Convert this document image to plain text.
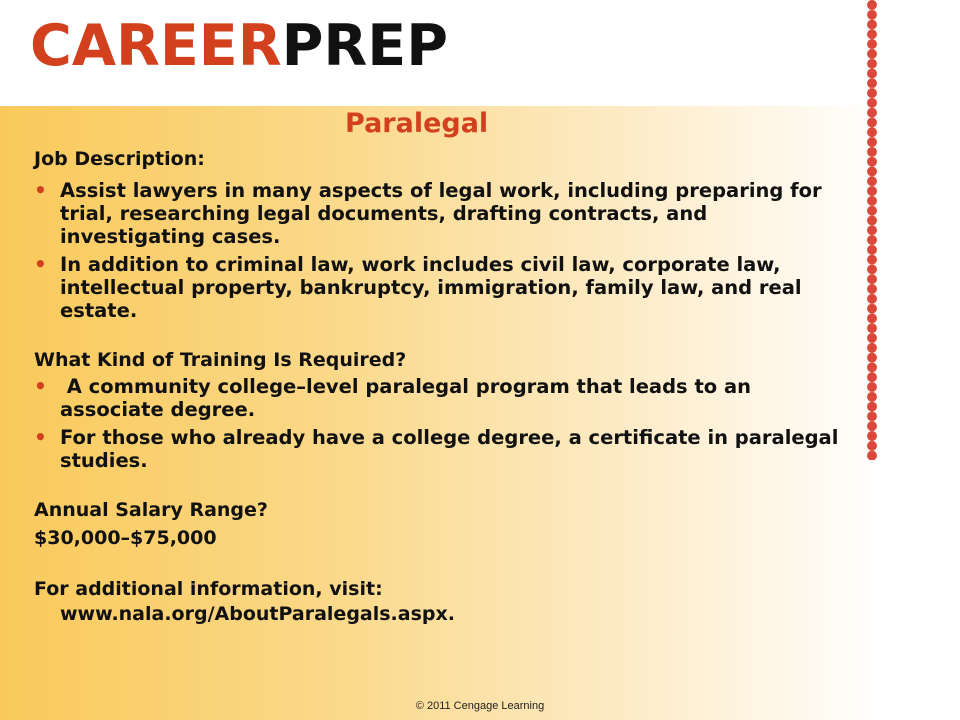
CAREERPREP
Paralegal

Job Description:

• Assist lawyers in many aspects of legal work, including preparing for trial, researching legal documents, drafting contracts, and investigating cases.
• In addition to criminal law, work includes civil law, corporate law, intellectual property, bankruptcy, immigration, family law, and real estate.

What Kind of Training Is Required?

•  A community college–level paralegal program that leads to an associate degree.
• For those who already have a college degree, a certificate in paralegal studies.

Annual Salary Range?

$30,000–$75,000

For additional information, visit:

www.nala.org/AboutParalegals.aspx.
© 2011 Cengage Learning
